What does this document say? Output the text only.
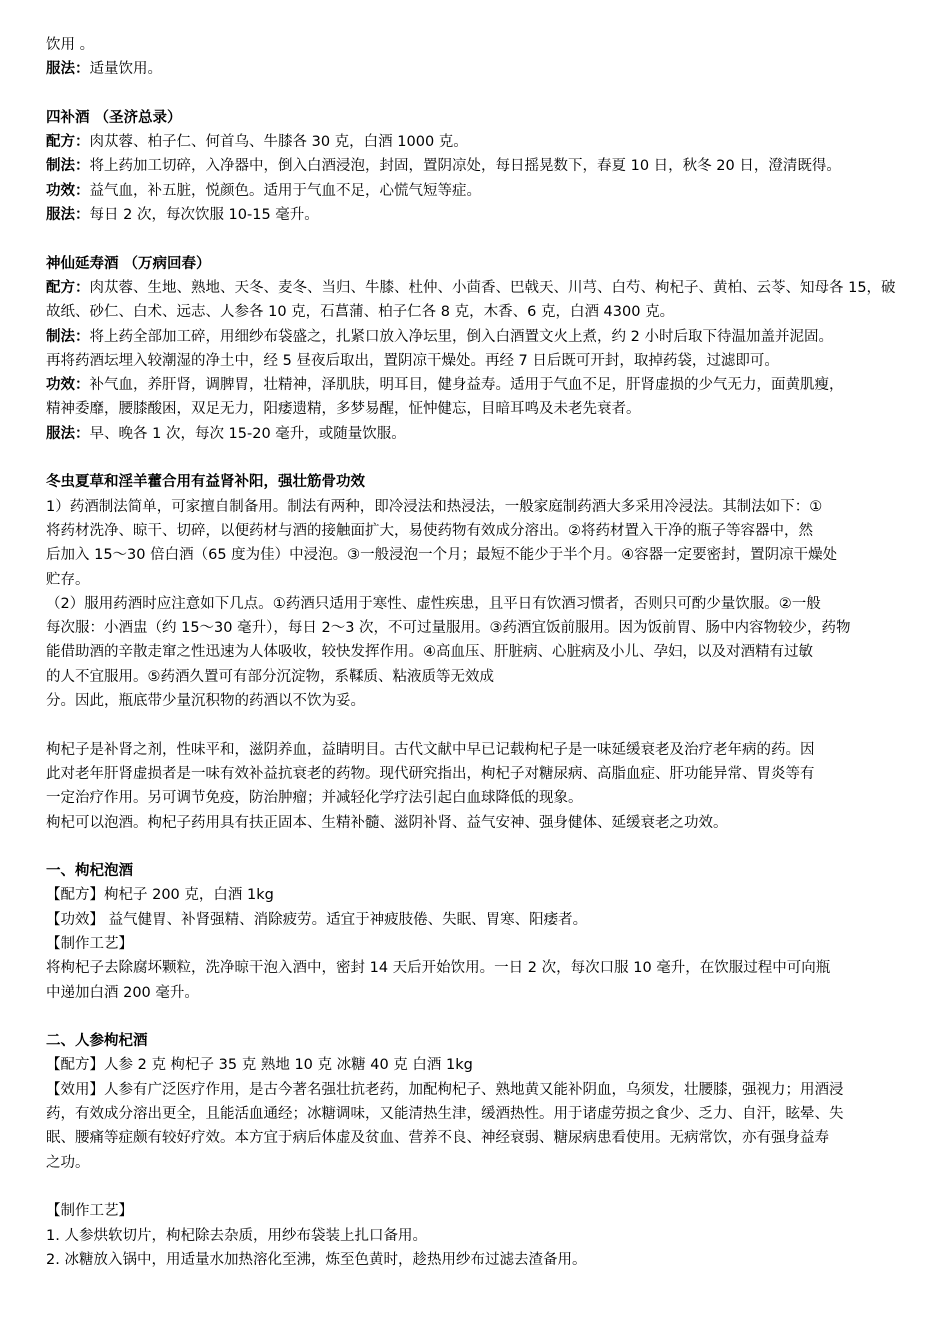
饮用 。
服法：适量饮用。
四补酒 （圣济总录）
配方：肉苁蓉、柏子仁、何首乌、牛膝各 30 克，白酒 1000 克。
制法：将上药加工切碎，入净器中，倒入白酒浸泡，封固，置阴凉处，每日摇晃数下，春夏 10 日，秋冬 20 日，澄清既得。
功效：益气血，补五脏，悦颜色。适用于气血不足，心慌气短等症。
服法：每日 2 次，每次饮服 10-15 毫升。
神仙延寿酒 （万病回春）
配方：肉苁蓉、生地、熟地、天冬、麦冬、当归、牛膝、杜仲、小茴香、巴戟天、川芎、白芍、枸杞子、黄柏、云苓、知母各 15，破
故纸、砂仁、白术、远志、人参各 10 克，石菖蒲、柏子仁各 8 克，木香、6 克，白酒 4300 克。
制法：将上药全部加工碎，用细纱布袋盛之，扎紧口放入净坛里，倒入白酒置文火上煮，约 2 小时后取下待温加盖并泥固。
再将药酒坛埋入较潮湿的净土中，经 5 昼夜后取出，置阴凉干燥处。再经 7 日后既可开封，取掉药袋，过滤即可。
功效：补气血，养肝肾，调脾胃，壮精神，泽肌肤，明耳目，健身益寿。适用于气血不足，肝肾虚损的少气无力，面黄肌瘦，
精神委靡，腰膝酸困，双足无力，阳痿遗精，多梦易醒，怔忡健忘，目暗耳鸣及未老先衰者。
服法：早、晚各 1 次，每次 15-20 毫升，或随量饮服。
冬虫夏草和淫羊藿合用有益肾补阳，强壮筋骨功效
1）药酒制法简单，可家擅自制备用。制法有两种，即冷浸法和热浸法，一般家庭制药酒大多采用冷浸法。其制法如下：①
将药材洗净、晾干、切碎，以便药材与酒的接触面扩大，易使药物有效成分溶出。②将药材置入干净的瓶子等容器中，然
后加入 15～30 倍白酒（65 度为佳）中浸泡。③一般浸泡一个月；最短不能少于半个月。④容器一定要密封，置阴凉干燥处
贮存。
（2）服用药酒时应注意如下几点。①药酒只适用于寒性、虚性疾患，且平日有饮酒习惯者，否则只可酌少量饮服。②一般
每次服：小酒盅（约 15～30 毫升），每日 2～3 次，不可过量服用。③药酒宜饭前服用。因为饭前胃、肠中内容物较少，药物
能借助酒的辛散走窜之性迅速为人体吸收，较快发挥作用。④高血压、肝脏病、心脏病及小儿、孕妇，以及对酒精有过敏
的人不宜服用。⑤药酒久置可有部分沉淀物，系鞣质、粘液质等无效成
分。因此，瓶底带少量沉积物的药酒以不饮为妥。
枸杞子是补肾之剂，性味平和，滋阴养血，益睛明目。古代文献中早已记载枸杞子是一味延缓衰老及治疗老年病的药。因
此对老年肝肾虚损者是一味有效补益抗衰老的药物。现代研究指出，枸杞子对糖尿病、高脂血症、肝功能异常、胃炎等有
一定治疗作用。另可调节免疫，防治肿瘤；并减轻化学疗法引起白血球降低的现象。
枸杞可以泡酒。枸杞子药用具有扶正固本、生精补髓、滋阴补肾、益气安神、强身健体、延缓衰老之功效。
一、枸杞泡酒
【配方】枸杞子 200 克，白酒 1kg
【功效】 益气健胃、补肾强精、消除疲劳。适宜于神疲肢倦、失眠、胃寒、阳痿者。
【制作工艺】
将枸杞子去除腐坏颗粒，洗净晾干泡入酒中，密封 14 天后开始饮用。一日 2 次，每次口服 10 毫升，在饮服过程中可向瓶
中递加白酒 200 毫升。
二、人参枸杞酒
【配方】人参 2 克 枸杞子 35 克 熟地 10 克 冰糖 40 克 白酒 1kg
【效用】人参有广泛医疗作用，是古今著名强壮抗老药，加配枸杞子、熟地黄又能补阴血，乌须发，壮腰膝，强视力；用酒浸
药，有效成分溶出更全，且能活血通经；冰糖调味，又能清热生津，缓酒热性。用于诸虚劳损之食少、乏力、自汗，眩晕、失
眠、腰痛等症颇有较好疗效。本方宜于病后体虚及贫血、营养不良、神经衰弱、糖尿病患看使用。无病常饮，亦有强身益寿
之功。
【制作工艺】
1. 人参烘软切片，枸杞除去杂质，用纱布袋装上扎口备用。
2. 冰糖放入锅中，用适量水加热溶化至沸，炼至色黄时，趁热用纱布过滤去渣备用。
